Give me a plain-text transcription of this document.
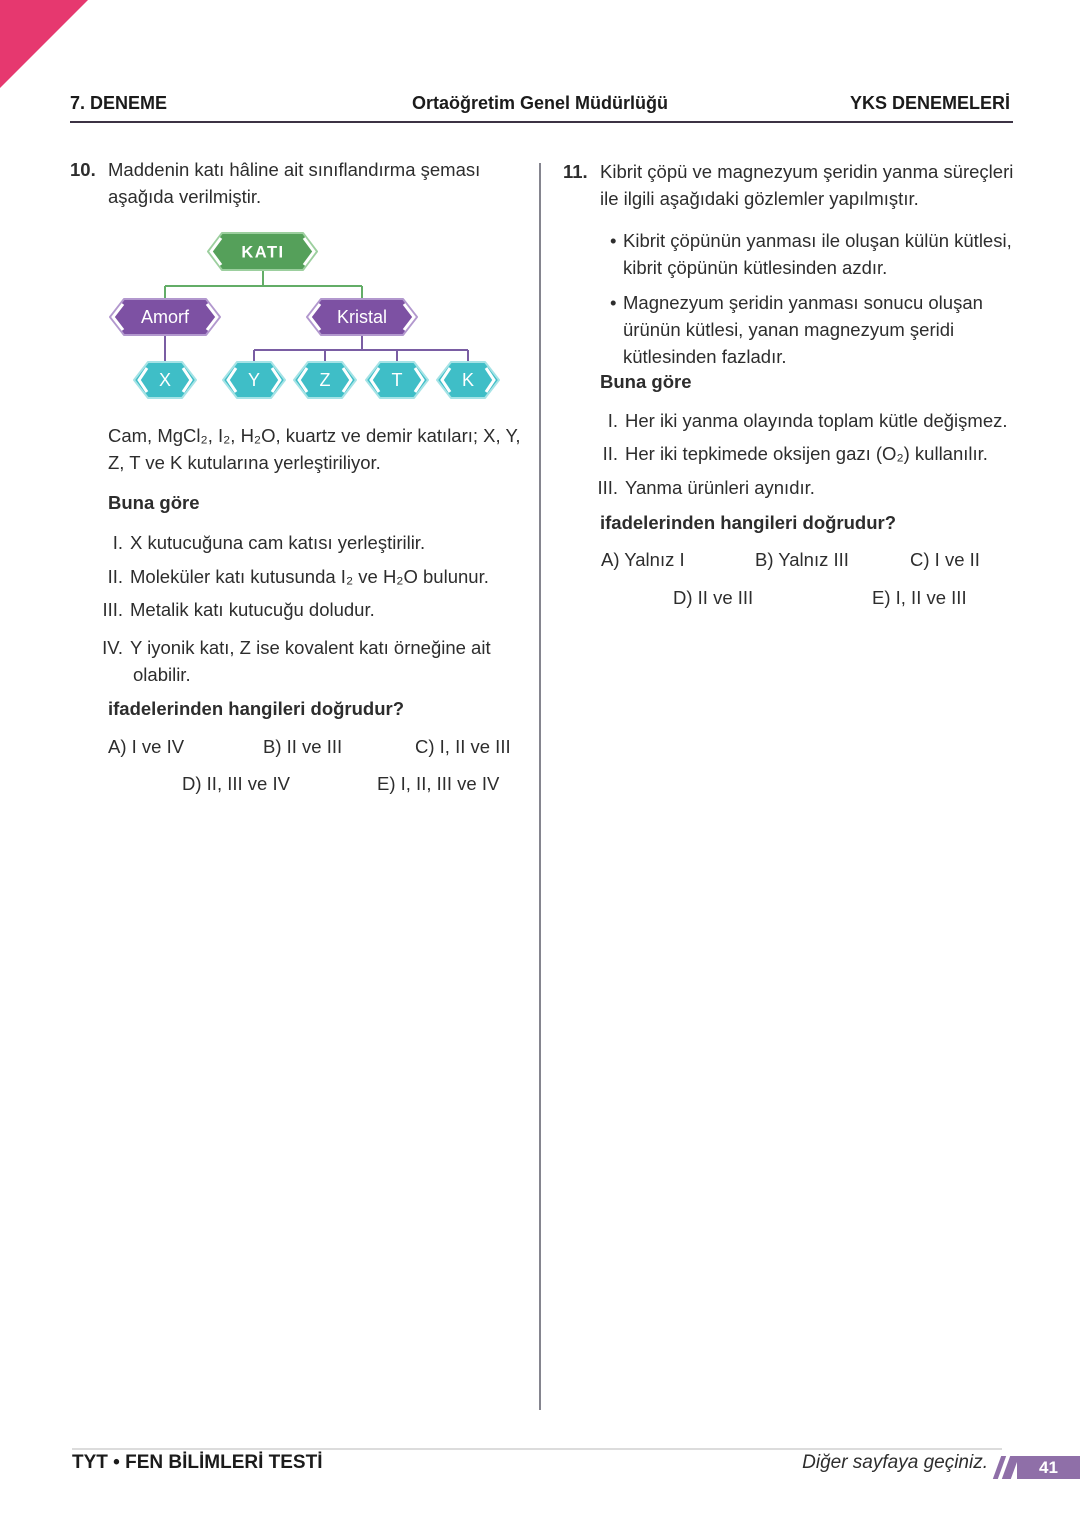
7. DENEME	Ortaöğretim Genel Müdürlüğü	YKS DENEMELERİ
10. Maddenin katı hâline ait sınıflandırma şeması
aşağıda verilmiştir.
KATI
Amorf	Kristal
X	Y	Z	T	K
Cam, MgCl₂, I₂, H₂O, kuartz ve demir katıları; X, Y,
Z, T ve K kutularına yerleştiriliyor.
Buna göre
I. X kutucuğuna cam katısı yerleştirilir.
II. Moleküler katı kutusunda I₂ ve H₂O bulunur.
III. Metalik katı kutucuğu doludur.
IV. Y iyonik katı, Z ise kovalent katı örneğine ait
olabilir.
ifadelerinden hangileri doğrudur?
A) I ve IV	B) II ve III	C) I, II ve III
D) II, III ve IV	E) I, II, III ve IV
11. Kibrit çöpü ve magnezyum şeridin yanma süreçleri
ile ilgili aşağıdaki gözlemler yapılmıştır.
• Kibrit çöpünün yanması ile oluşan külün kütlesi,
kibrit çöpünün kütlesinden azdır.
• Magnezyum şeridin yanması sonucu oluşan
ürünün kütlesi, yanan magnezyum şeridi
kütlesinden fazladır.
Buna göre
I. Her iki yanma olayında toplam kütle değişmez.
II. Her iki tepkimede oksijen gazı (O₂) kullanılır.
III. Yanma ürünleri aynıdır.
ifadelerinden hangileri doğrudur?
A) Yalnız I	B) Yalnız III	C) I ve II
D) II ve III	E) I, II ve III
TYT • FEN BİLİMLERİ TESTİ	Diğer sayfaya geçiniz.	41
